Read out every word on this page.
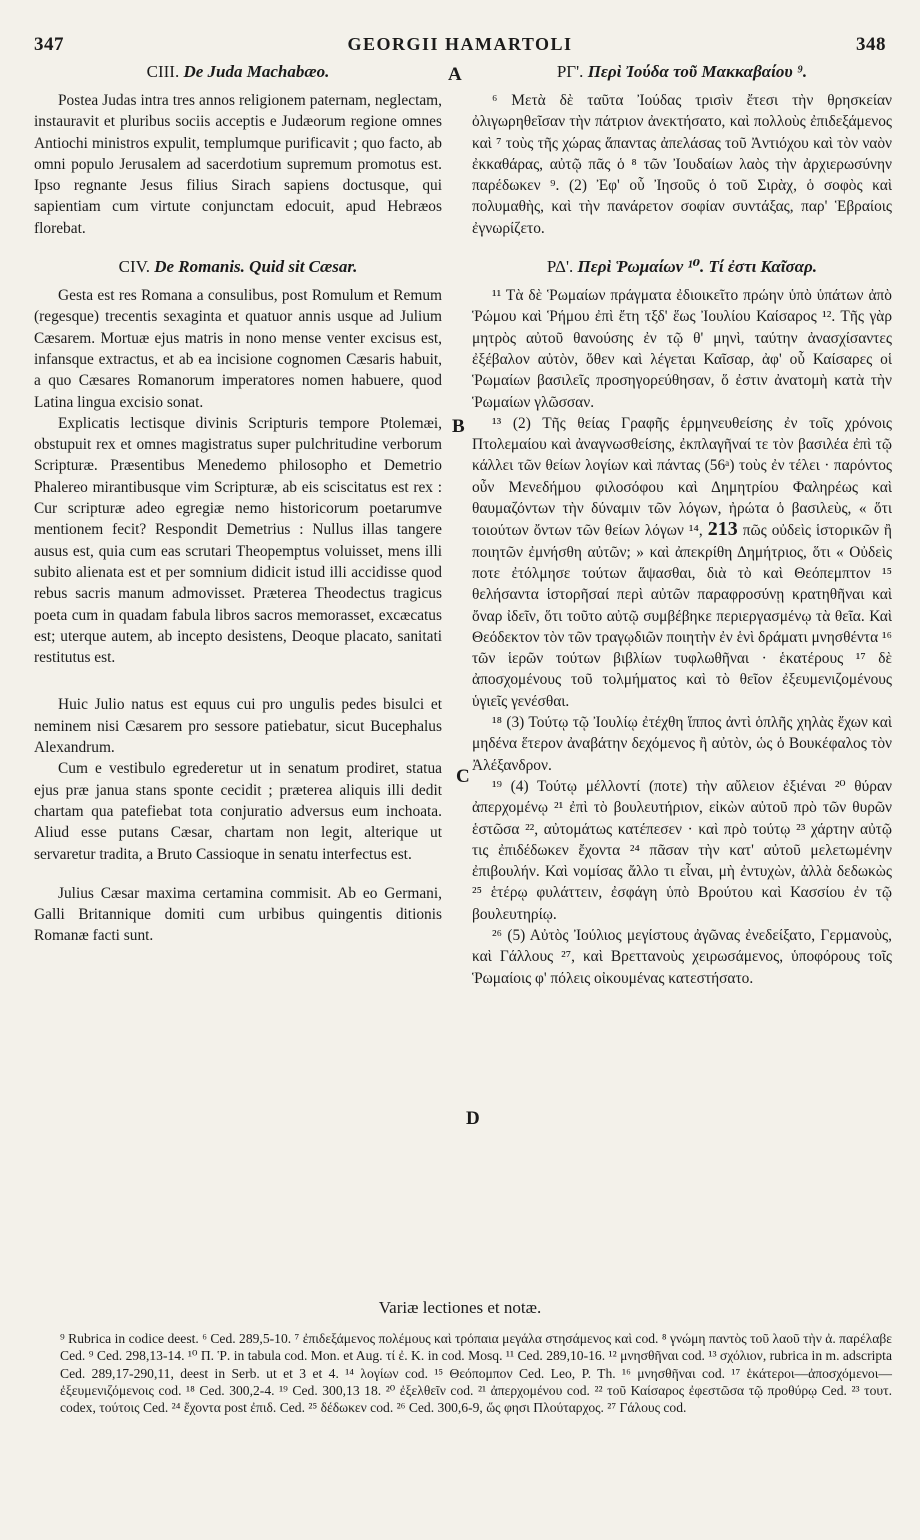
347	GEORGII HAMARTOLI	348
A
B
C
D
CIII. De Juda Machabæo.

Postea Judas intra tres annos religionem paternam, neglectam, instauravit et pluribus sociis acceptis e Judæorum regione omnes Antiochi ministros expulit, templumque purificavit ; quo facto, ab omni populo Jerusalem ad sacerdotium supremum promotus est. Ipso regnante Jesus filius Sirach sapiens doctusque, qui sapientiam cum virtute conjunctam edocuit, apud Hebræos florebat.

CIV. De Romanis. Quid sit Cæsar.

Gesta est res Romana a consulibus, post Romulum et Remum (regesque) trecentis sexaginta et quatuor annis usque ad Julium Cæsarem. Mortuæ ejus matris in nono mense venter excisus est, infansque extractus, et ab ea incisione cognomen Cæsaris habuit, a quo Cæsares Romanorum imperatores nomen habuere, quod Latina lingua excisio sonat.

Explicatis lectisque divinis Scripturis tempore Ptolemæi, obstupuit rex et omnes magistratus super pulchritudine verborum Scripturæ. Præsentibus Menedemo philosopho et Demetrio Phalereo mirantibusque vim Scripturæ, ab eis sciscitatus est rex : Cur scripturæ adeo egregiæ nemo historicorum poetarumve mentionem fecit? Respondit Demetrius : Nullus illas tangere ausus est, quia cum eas scrutari Theopemptus voluisset, mens illi subito alienata est et per somnium didicit istud illi accidisse quod rebus sacris manum admovisset. Præterea Theodectus tragicus poeta cum in quadam fabula libros sacros memorasset, excæcatus est; uterque autem, ab incepto desistens, Deoque placato, sanitati restitutus est.

Huic Julio natus est equus cui pro ungulis pedes bisulci et neminem nisi Cæsarem pro sessore patiebatur, sicut Bucephalus Alexandrum.

Cum e vestibulo egrederetur ut in senatum prodiret, statua ejus præ janua stans sponte cecidit ; præterea aliquis illi dedit chartam qua patefiebat tota conjuratio adversus eum inchoata. Aliud esse putans Cæsar, chartam non legit, alterique ut servaretur tradita, a Bruto Cassioque in senatu interfectus est.

Julius Cæsar maxima certamina commisit. Ab eo Germani, Galli Britannique domiti cum urbibus quingentis ditionis Romanæ facti sunt.

ΡΓ'. Περὶ Ἰούδα τοῦ Μακκαβαίου ⁹.

⁶ Μετὰ δὲ ταῦτα Ἰούδας τρισὶν ἔτεσι τὴν θρησκείαν ὀλιγωρηθεῖσαν τὴν πάτριον ἀνεκτήσατο, καὶ πολλοὺς ἐπιδεξάμενος καὶ ⁷ τοὺς τῆς χώρας ἅπαντας ἀπελάσας τοῦ Ἀντιόχου καὶ τὸν ναὸν ἐκκαθάρας, αὐτῷ πᾶς ὁ ⁸ τῶν Ἰουδαίων λαὸς τὴν ἀρχιερωσύνην παρέδωκεν ⁹. (2) Ἐφ' οὗ Ἰησοῦς ὁ τοῦ Σιρὰχ, ὁ σοφὸς καὶ πολυμαθὴς, καὶ τὴν πανάρετον σοφίαν συντάξας, παρ' Ἑβραίοις ἐγνωρίζετο.

ΡΔ'. Περὶ Ῥωμαίων ¹⁰. Τί ἐστι Καῖσαρ.

¹¹ Τὰ δὲ Ῥωμαίων πράγματα ἐδιοικεῖτο πρώην ὑπὸ ὑπάτων ἀπὸ Ῥώμου καὶ Ῥήμου ἐπὶ ἔτη τξδ' ἕως Ἰουλίου Καίσαρος ¹². Τῆς γὰρ μητρὸς αὐτοῦ θανούσης ἐν τῷ θ' μηνὶ, ταύτην ἀνασχίσαντες ἐξέβαλον αὐτὸν, ὅθεν καὶ λέγεται Καῖσαρ, ἀφ' οὗ Καίσαρες οἱ Ῥωμαίων βασιλεῖς προσηγορεύθησαν, ὅ ἐστιν ἀνατομὴ κατὰ τὴν Ῥωμαίων γλῶσσαν.

¹³ (2) Τῆς θείας Γραφῆς ἑρμηνευθείσης ἐν τοῖς χρόνοις Πτολεμαίου καὶ ἀναγνωσθείσης, ἐκπλαγῆναί τε τὸν βασιλέα ἐπὶ τῷ κάλλει τῶν θείων λογίων καὶ πάντας (56ᵃ) τοὺς ἐν τέλει · παρόντος οὖν Μενεδήμου φιλοσόφου καὶ Δημητρίου Φαληρέως καὶ θαυμαζόντων τὴν δύναμιν τῶν λόγων, ἠρώτα ὁ βασιλεὺς, « ὅτι τοιούτων ὄντων τῶν θείων λόγων ¹⁴, 213 πῶς οὐδεὶς ἱστορικῶν ἢ ποιητῶν ἐμνήσθη αὐτῶν; » καὶ ἀπεκρίθη Δημήτριος, ὅτι « Οὐδεὶς ποτε ἐτόλμησε τούτων ἅψασθαι, διὰ τὸ καὶ Θεόπεμπτον ¹⁵ θελήσαντα ἱστορῆσαί περὶ αὐτῶν παραφροσύνῃ κρατηθῆναι καὶ ὄναρ ἰδεῖν, ὅτι τοῦτο αὐτῷ συμβέβηκε περιεργασμένῳ τὰ θεῖα. Καὶ Θεόδεκτον τὸν τῶν τραγῳδιῶν ποιητὴν ἐν ἑνὶ δράματι μνησθέντα ¹⁶ τῶν ἱερῶν τούτων βιβλίων τυφλωθῆναι · ἑκατέρους ¹⁷ δὲ ἀποσχομένους τοῦ τολμήματος καὶ τὸ θεῖον ἐξευμενιζομένους ὑγιεῖς γενέσθαι.

¹⁸ (3) Τούτῳ τῷ Ἰουλίῳ ἐτέχθη ἵππος ἀντὶ ὁπλῆς χηλὰς ἔχων καὶ μηδένα ἕτερον ἀναβάτην δεχόμενος ἢ αὐτὸν, ὡς ὁ Βουκέφαλος τὸν Ἀλέξανδρον.

¹⁹ (4) Τούτῳ μέλλοντί (ποτε) τὴν αὔλειον ἐξιέναι ²⁰ θύραν ἀπερχομένῳ ²¹ ἐπὶ τὸ βουλευτήριον, εἰκὼν αὐτοῦ πρὸ τῶν θυρῶν ἑστῶσα ²², αὐτομάτως κατέπεσεν · καὶ πρὸ τούτῳ ²³ χάρτην αὐτῷ τις ἐπιδέδωκεν ἔχοντα ²⁴ πᾶσαν τὴν κατ' αὐτοῦ μελετωμένην ἐπιβουλήν. Καὶ νομίσας ἄλλο τι εἶναι, μὴ ἐντυχὼν, ἀλλὰ δεδωκὼς ²⁵ ἑτέρῳ φυλάττειν, ἐσφάγη ὑπὸ Βρούτου καὶ Κασσίου ἐν τῷ βουλευτηρίῳ.

²⁶ (5) Αὐτὸς Ἰούλιος μεγίστους ἀγῶνας ἐνεδείξατο, Γερμανοὺς, καὶ Γάλλους ²⁷, καὶ Βρεττανοὺς χειρωσάμενος, ὑποφόρους τοῖς Ῥωμαίοις φ' πόλεις οἰκουμένας κατεστήσατο.

Variæ lectiones et notæ.
⁹ Rubrica in codice deest. ⁶ Ced. 289,5-10. ⁷ ἐπιδεξάμενος πολέμους καὶ τρόπαια μεγάλα στησάμενος καὶ cod. ⁸ γνώμη παντὸς τοῦ λαοῦ τὴν ἀ. παρέλαβε Ced. ⁹ Ced. 298,13-14. ¹⁰ Π. Ῥ. in tabula cod. Mon. et Aug. τί ἐ. Κ. in cod. Mosq. ¹¹ Ced. 289,10-16. ¹² μνησθῆναι cod. ¹³ σχόλιον, rubrica in m. adscripta Ced. 289,17-290,11, deest in Serb. ut et 3 et 4. ¹⁴ λογίων cod. ¹⁵ Θεόπομπον Ced. Leo, P. Th. ¹⁶ μνησθῆναι cod. ¹⁷ ἑκάτεροι—ἀποσχόμενοι—ἐξευμενιζόμενοις cod. ¹⁸ Ced. 300,2-4. ¹⁹ Ced. 300,13 18. ²⁰ ἐξελθεῖν cod. ²¹ ἀπερχομένου cod. ²² τοῦ Καίσαρος ἐφεστῶσα τῷ προθύρῳ Ced. ²³ τουτ. codex, τούτοις Ced. ²⁴ ἔχοντα post ἐπιδ. Ced. ²⁵ δέδωκεν cod. ²⁶ Ced. 300,6-9, ὥς φησι Πλούταρχος. ²⁷ Γάλους cod.
